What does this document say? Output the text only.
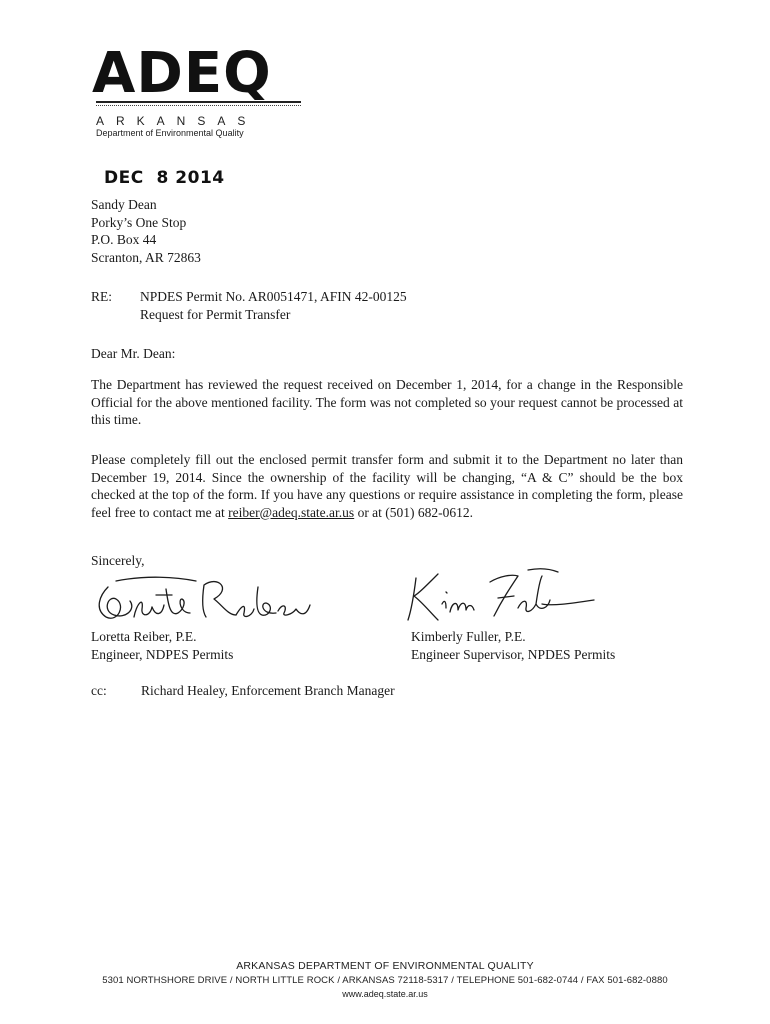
ADEQ
ARKANSAS
Department of Environmental Quality
DEC  8 2014
Sandy Dean
Porky’s One Stop
P.O. Box 44
Scranton, AR 72863
RE: NPDES Permit No. AR0051471, AFIN 42-00125
Request for Permit Transfer
Dear Mr. Dean:
The Department has reviewed the request received on December 1, 2014, for a change in the Responsible Official for the above mentioned facility. The form was not completed so your request cannot be processed at this time.
Please completely fill out the enclosed permit transfer form and submit it to the Department no later than December 19, 2014. Since the ownership of the facility will be changing, “A & C” should be the box checked at the top of the form. If you have any questions or require assistance in completing the form, please feel free to contact me at reiber@adeq.state.ar.us or at (501) 682-0612.
Sincerely,
Loretta Reiber, P.E.
Engineer, NDPES Permits
Kimberly Fuller, P.E.
Engineer Supervisor, NPDES Permits
cc:	Richard Healey, Enforcement Branch Manager
ARKANSAS DEPARTMENT OF ENVIRONMENTAL QUALITY
5301 NORTHSHORE DRIVE / NORTH LITTLE ROCK / ARKANSAS 72118-5317 / TELEPHONE 501-682-0744 / FAX 501-682-0880
www.adeq.state.ar.us
